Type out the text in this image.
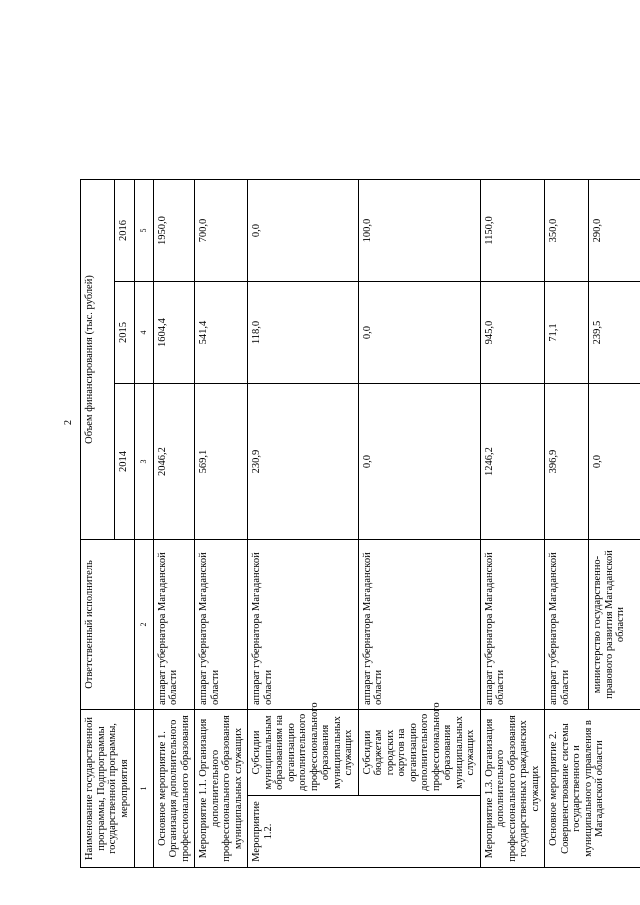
2
Наименование государственной программы, Подпрограммы государственной программы, мероприятия		Ответственный исполнитель	Объем финансирования (тыс. рублей)		
			2014	2015	2016
1		2	3	4	5
Основное мероприятие 1. Организация дополнительного профессионального образования		аппарат губернатора Магаданской области	2046,2	1604,4	1950,0
Мероприятие 1.1. Организация дополнительного профессионального образования муниципальных служащих		аппарат губернатора Магаданской области	569,1	541,4	700,0
Мероприятие 1.2.	Субсидии муниципальным образованиям на организацию дополнительного профессионального образования муниципальных служащих	аппарат губернатора Магаданской области	230,9	118,0	0,0
	Субсидии бюджетам городских округов на организацию дополнительного профессионального образования муниципальных служащих	аппарат губернатора Магаданской области	0,0	0,0	100,0
Мероприятие 1.3. Организация дополнительного профессионального образования государственных гражданских служащих		аппарат губернатора Магаданской области	1246,2	945,0	1150,0
Основное мероприятие 2. Совершенствование системы государственного и муниципального управления в Магаданской области		аппарат губернатора Магаданской области	396,9	71,1	350,0
		министерство государственно-правового развития Магаданской области	0,0	239,5	290,0
